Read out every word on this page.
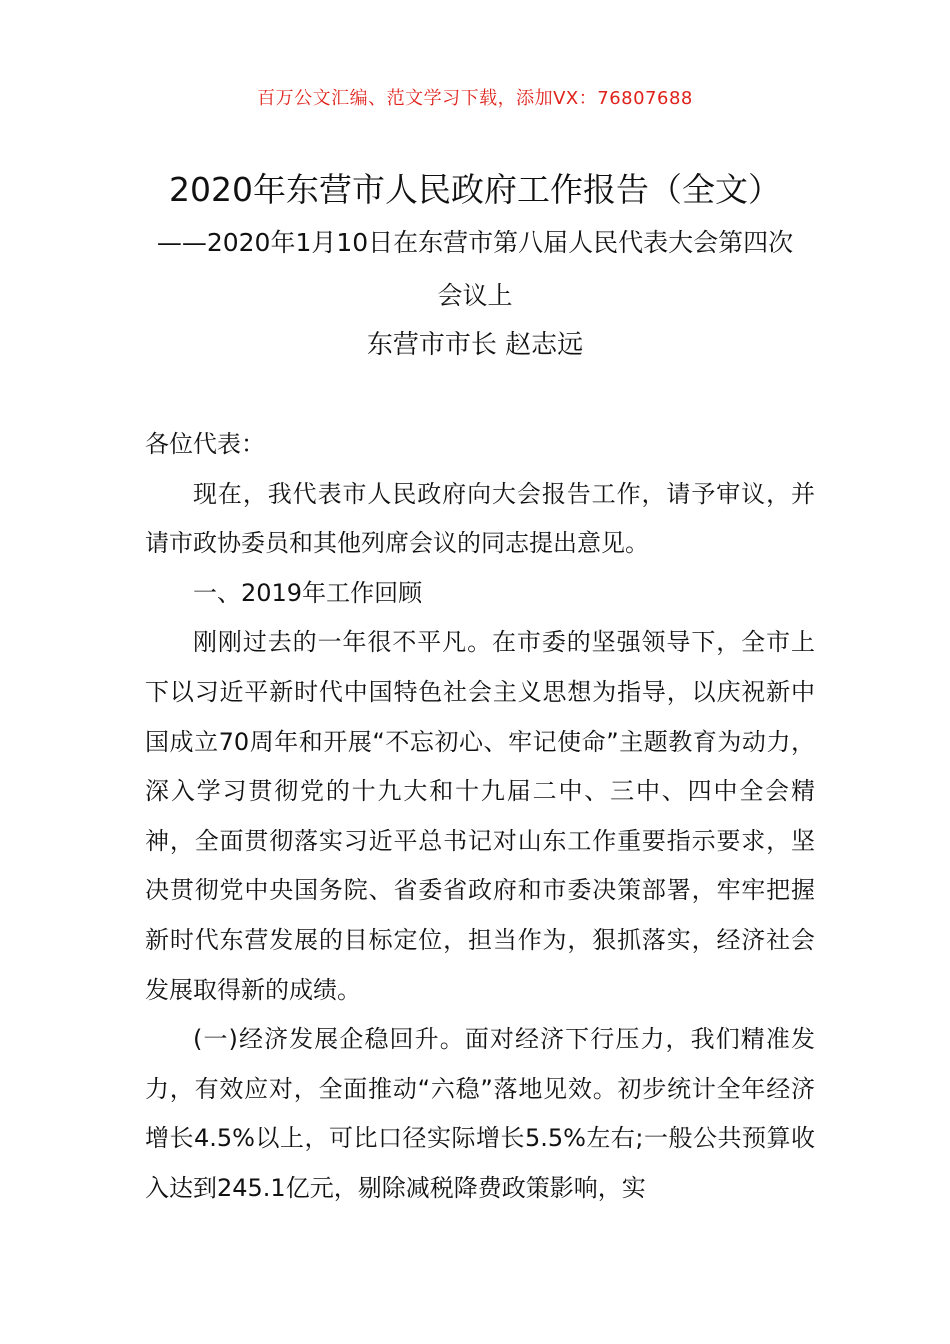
百万公文汇编、范文学习下载，添加VX：76807688
2020年东营市人民政府工作报告（全文）
——2020年1月10日在东营市第八届人民代表大会第四次
会议上
东营市市长 赵志远

各位代表：

现在，我代表市人民政府向大会报告工作，请予审议，并请市政协委员和其他列席会议的同志提出意见。

一、2019年工作回顾

刚刚过去的一年很不平凡。在市委的坚强领导下，全市上下以习近平新时代中国特色社会主义思想为指导，以庆祝新中国成立70周年和开展“不忘初心、牢记使命”主题教育为动力，深入学习贯彻党的十九大和十九届二中、三中、四中全会精神，全面贯彻落实习近平总书记对山东工作重要指示要求，坚决贯彻党中央国务院、省委省政府和市委决策部署，牢牢把握新时代东营发展的目标定位，担当作为，狠抓落实，经济社会发展取得新的成绩。

(一)经济发展企稳回升。面对经济下行压力，我们精准发力，有效应对，全面推动“六稳”落地见效。初步统计全年经济增长4.5%以上，可比口径实际增长5.5%左右;一般公共预算收入达到245.1亿元，剔除减税降费政策影响，实
